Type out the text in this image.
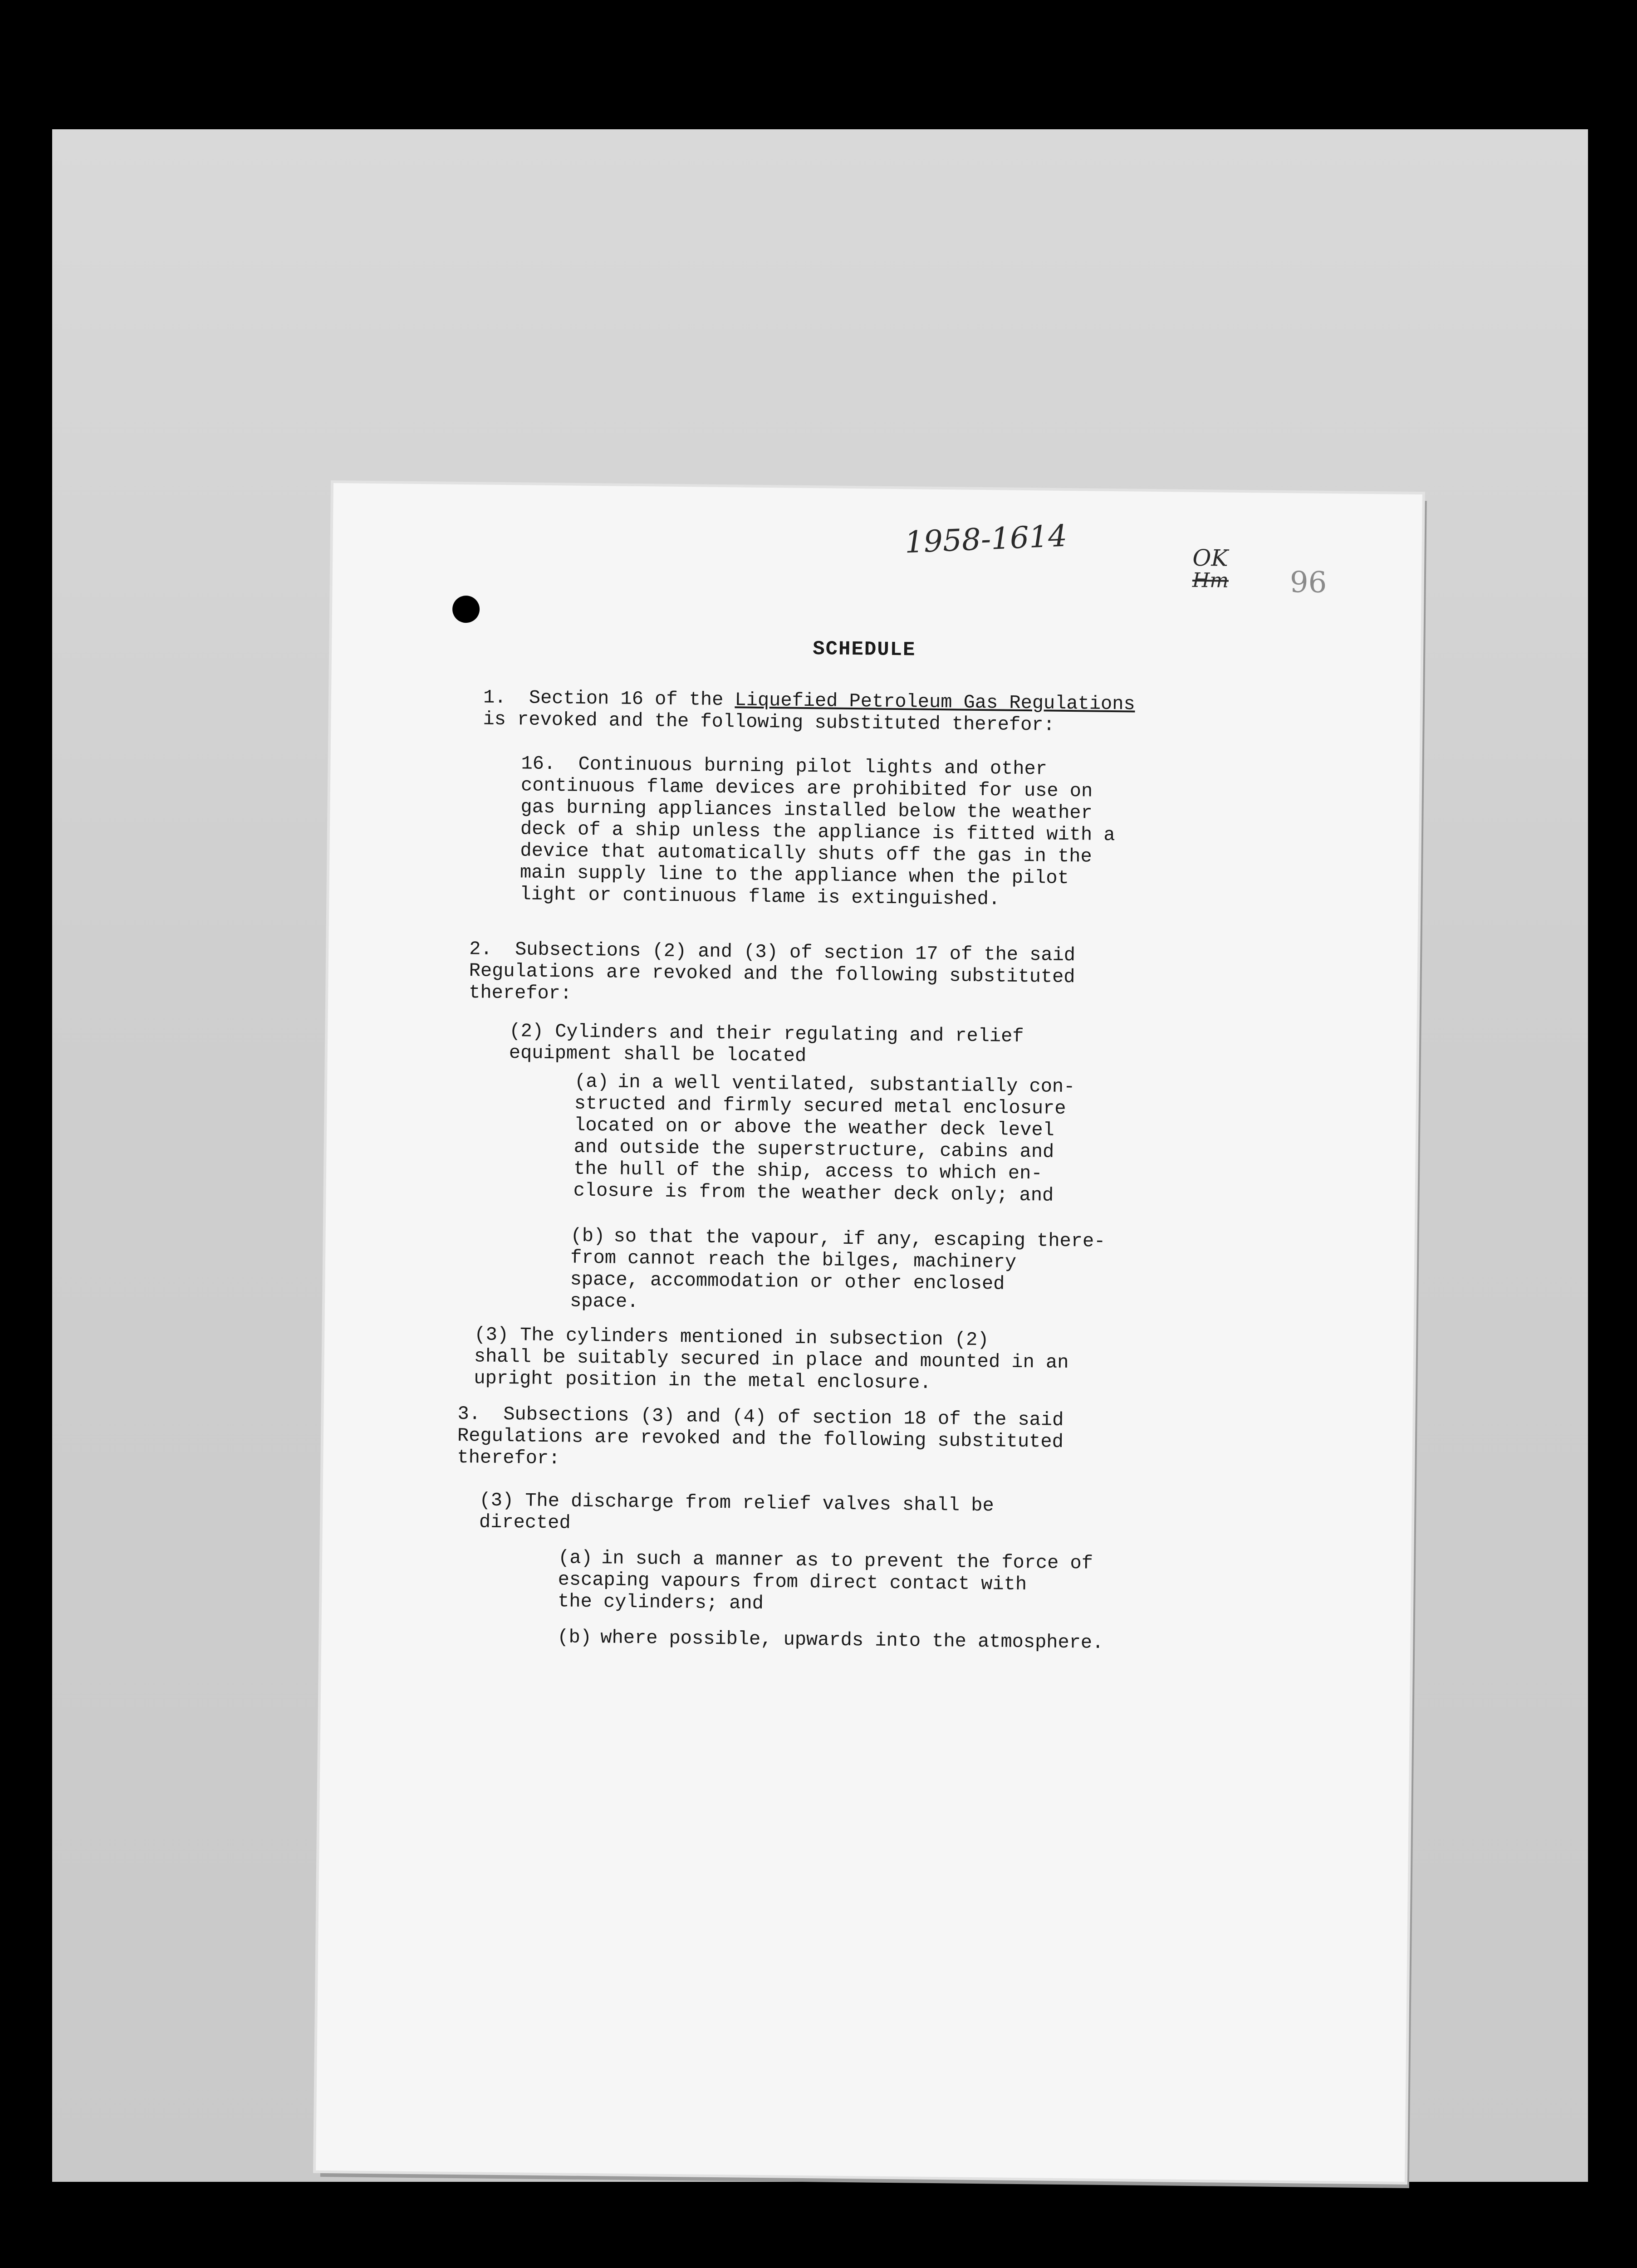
1958-1614	OK
Hm 96
SCHEDULE
1.  Section 16 of the Liquefied Petroleum Gas Regulations
is revoked and the following substituted therefor:
16.  Continuous burning pilot lights and other
continuous flame devices are prohibited for use on
gas burning appliances installed below the weather
deck of a ship unless the appliance is fitted with a
device that automatically shuts off the gas in the
main supply line to the appliance when the pilot
light or continuous flame is extinguished.
2.  Subsections (2) and (3) of section 17 of the said
Regulations are revoked and the following substituted
therefor:
(2) Cylinders and their regulating and relief
equipment shall be located
(a) in a well ventilated, substantially con-
structed and firmly secured metal enclosure
located on or above the weather deck level
and outside the superstructure, cabins and
the hull of the ship, access to which en-
closure is from the weather deck only; and
(b) so that the vapour, if any, escaping there-
from cannot reach the bilges, machinery
space, accommodation or other enclosed
space.
(3) The cylinders mentioned in subsection (2)
shall be suitably secured in place and mounted in an
upright position in the metal enclosure.
3.  Subsections (3) and (4) of section 18 of the said
Regulations are revoked and the following substituted
therefor:
(3) The discharge from relief valves shall be
directed
(a) in such a manner as to prevent the force of
escaping vapours from direct contact with
the cylinders; and
(b) where possible, upwards into the atmosphere.
